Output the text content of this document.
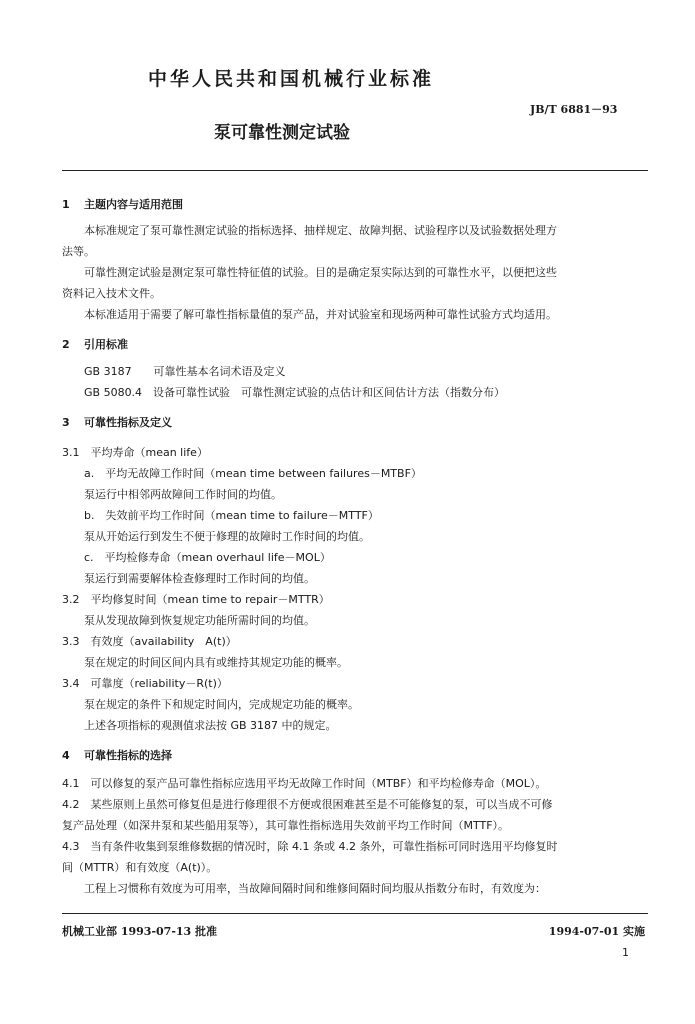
中华人民共和国机械行业标准
JB/T 6881－93
泵可靠性测定试验
1 主题内容与适用范围

本标准规定了泵可靠性测定试验的指标选择、抽样规定、故障判据、试验程序以及试验数据处理方

法等。

可靠性测定试验是测定泵可靠性特征值的试验。目的是确定泵实际达到的可靠性水平，以便把这些

资料记入技术文件。

本标准适用于需要了解可靠性指标量值的泵产品，并对试验室和现场两种可靠性试验方式均适用。

2 引用标准

GB 3187　　可靠性基本名词术语及定义

GB 5080.4　设备可靠性试验　可靠性测定试验的点估计和区间估计方法（指数分布）

3 可靠性指标及定义

3.1　平均寿命（mean life）

a.　平均无故障工作时间（mean time between failures－MTBF）

泵运行中相邻两故障间工作时间的均值。

b.　失效前平均工作时间（mean time to failure－MTTF）

泵从开始运行到发生不便于修理的故障时工作时间的均值。

c.　平均检修寿命（mean overhaul life－MOL）

泵运行到需要解体检查修理时工作时间的均值。

3.2　平均修复时间（mean time to repair－MTTR）

泵从发现故障到恢复规定功能所需时间的均值。

3.3　有效度（availability　A(t)）

泵在规定的时间区间内具有或维持其规定功能的概率。

3.4　可靠度（reliability－R(t)）

泵在规定的条件下和规定时间内，完成规定功能的概率。

上述各项指标的观测值求法按 GB 3187 中的规定。

4 可靠性指标的选择

4.1　可以修复的泵产品可靠性指标应选用平均无故障工作时间（MTBF）和平均检修寿命（MOL）。

4.2　某些原则上虽然可修复但是进行修理很不方便或很困难甚至是不可能修复的泵，可以当成不可修

复产品处理（如深井泵和某些船用泵等），其可靠性指标选用失效前平均工作时间（MTTF）。

4.3　当有条件收集到泵维修数据的情况时，除 4.1 条或 4.2 条外，可靠性指标可同时选用平均修复时

间（MTTR）和有效度（A(t)）。

工程上习惯称有效度为可用率，当故障间隔时间和维修间隔时间均服从指数分布时，有效度为：

机械工业部 1993-07-13 批准	1994-07-01 实施
1
